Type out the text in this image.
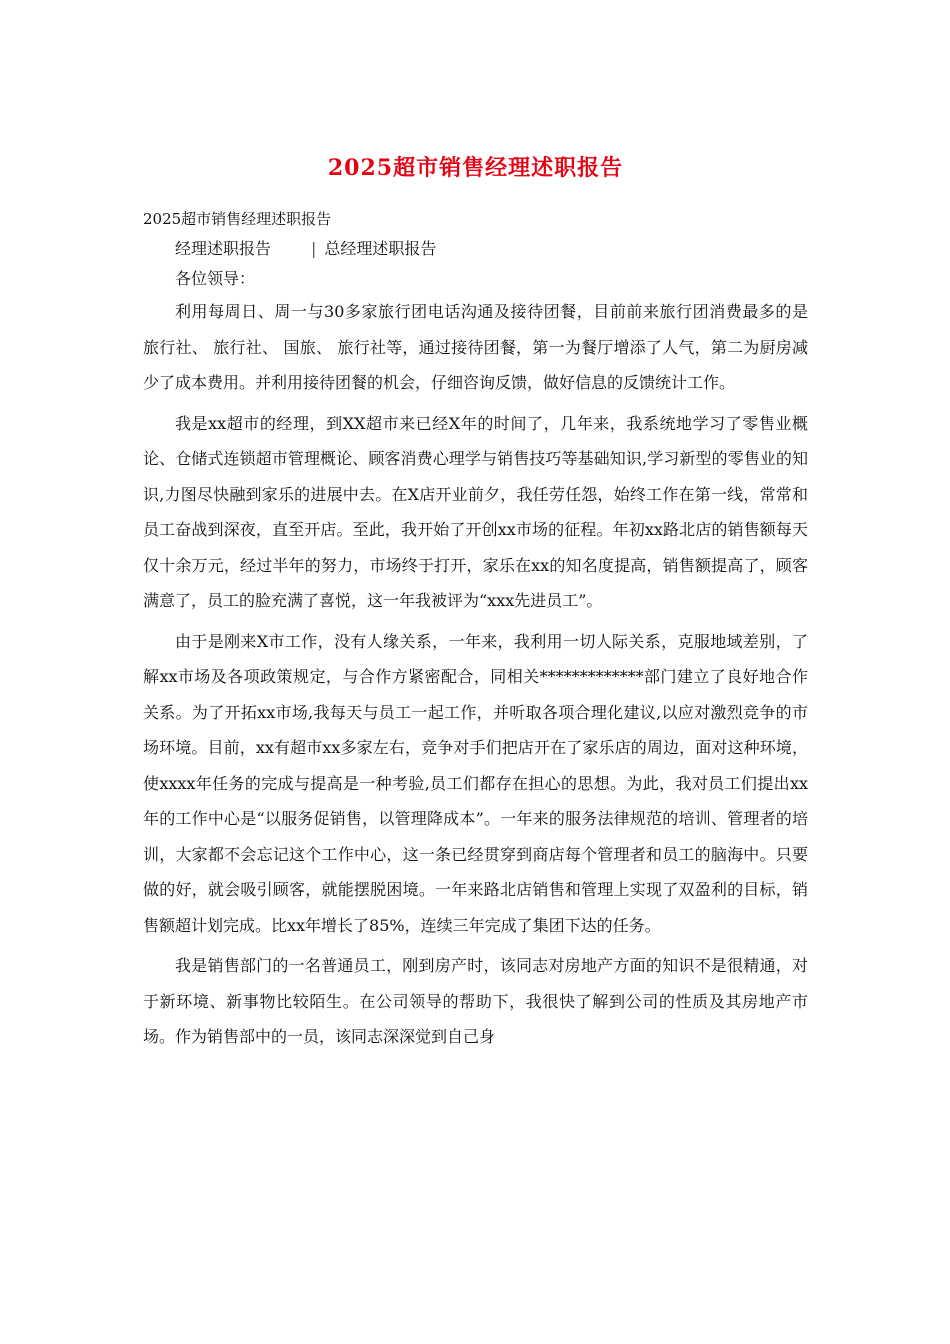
2025超市销售经理述职报告

2025超市销售经理述职报告

经理述职报告	| 总经理述职报告

各位领导：

利用每周日、周一与30多家旅行团电话沟通及接待团餐，目前前来旅行团消费最多的是 旅行社、 旅行社、 国旅、 旅行社等，通过接待团餐，第一为餐厅增添了人气，第二为厨房减少了成本费用。并利用接待团餐的机会，仔细咨询反馈，做好信息的反馈统计工作。

我是xx超市的经理，到XX超市来已经X年的时间了，几年来，我系统地学习了零售业概论、仓储式连锁超市管理概论、顾客消费心理学与销售技巧等基础知识,学习新型的零售业的知识,力图尽快融到家乐的进展中去。在X店开业前夕，我任劳任怨，始终工作在第一线，常常和员工奋战到深夜，直至开店。至此，我开始了开创xx市场的征程。年初xx路北店的销售额每天仅十余万元，经过半年的努力，市场终于打开，家乐在xx的知名度提高，销售额提高了，顾客满意了，员工的脸充满了喜悦，这一年我被评为“xxx先进员工”。

由于是刚来X市工作，没有人缘关系，一年来，我利用一切人际关系，克服地域差别，了解xx市场及各项政策规定，与合作方紧密配合，同相关*************部门建立了良好地合作关系。为了开拓xx市场,我每天与员工一起工作，并听取各项合理化建议,以应对激烈竞争的市场环境。目前，xx有超市xx多家左右，竞争对手们把店开在了家乐店的周边，面对这种环境，使xxxx年任务的完成与提高是一种考验,员工们都存在担心的思想。为此，我对员工们提出xx年的工作中心是“以服务促销售，以管理降成本”。一年来的服务法律规范的培训、管理者的培训，大家都不会忘记这个工作中心，这一条已经贯穿到商店每个管理者和员工的脑海中。只要做的好，就会吸引顾客，就能摆脱困境。一年来路北店销售和管理上实现了双盈利的目标，销售额超计划完成。比xx年增长了85%，连续三年完成了集团下达的任务。

我是销售部门的一名普通员工，刚到房产时，该同志对房地产方面的知识不是很精通，对于新环境、新事物比较陌生。在公司领导的帮助下，我很快了解到公司的性质及其房地产市场。作为销售部中的一员，该同志深深觉到自己身
